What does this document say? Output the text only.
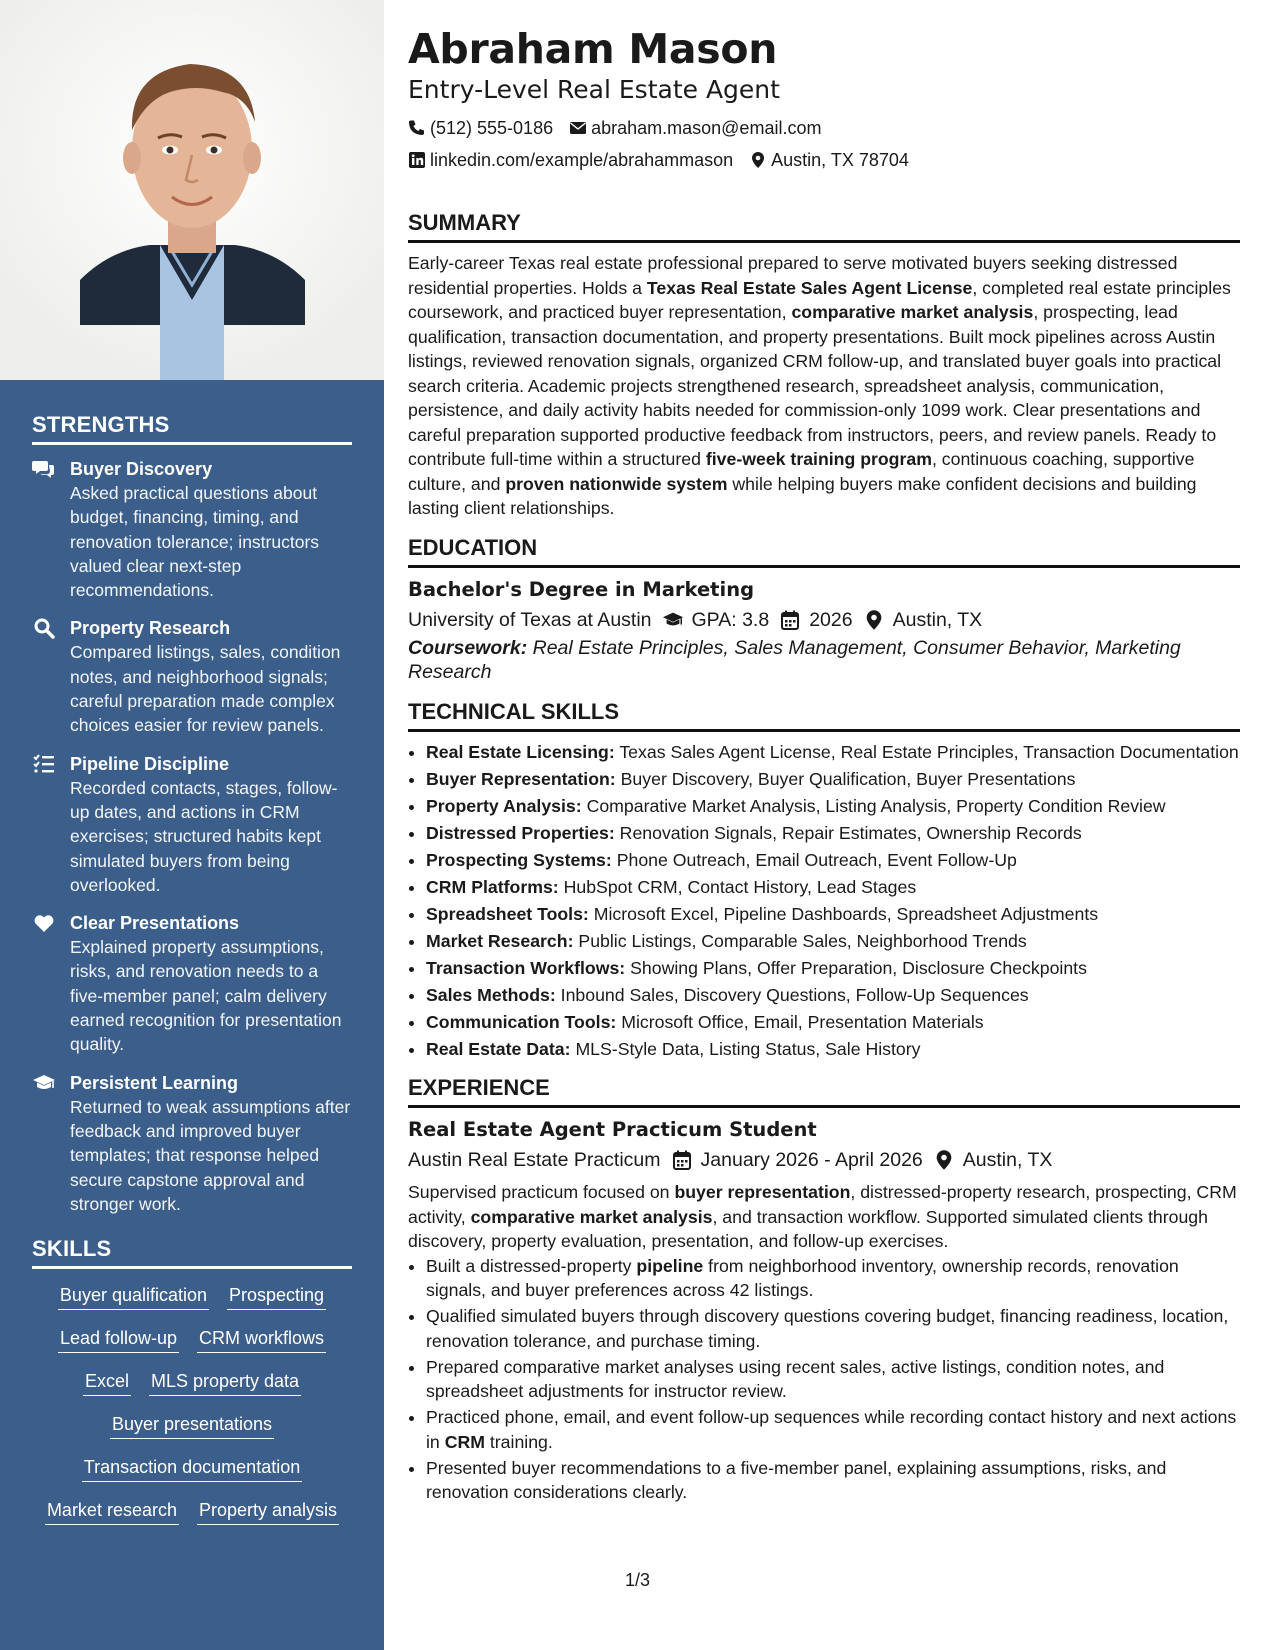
STRENGTHS
Buyer Discovery
Asked practical questions about budget, financing, timing, and renovation tolerance; instructors valued clear next-step recommendations.
Property Research
Compared listings, sales, condition notes, and neighborhood signals; careful preparation made complex choices easier for review panels.
Pipeline Discipline
Recorded contacts, stages, follow-up dates, and actions in CRM exercises; structured habits kept simulated buyers from being overlooked.
Clear Presentations
Explained property assumptions, risks, and renovation needs to a five-member panel; calm delivery earned recognition for presentation quality.
Persistent Learning
Returned to weak assumptions after feedback and improved buyer templates; that response helped secure capstone approval and stronger work.
SKILLS
Buyer qualification Prospecting
Lead follow-up CRM workflows
Excel MLS property data
Buyer presentations
Transaction documentation
Market research Property analysis
Abraham Mason
Entry-Level Real Estate Agent
(512) 555-0186 abraham.mason@email.com
linkedin.com/example/abrahammason Austin, TX 78704
SUMMARY

Early-career Texas real estate professional prepared to serve motivated buyers seeking distressed residential properties. Holds a Texas Real Estate Sales Agent License, completed real estate principles coursework, and practiced buyer representation, comparative market analysis, prospecting, lead qualification, transaction documentation, and property presentations. Built mock pipelines across Austin listings, reviewed renovation signals, organized CRM follow-up, and translated buyer goals into practical search criteria. Academic projects strengthened research, spreadsheet analysis, communication, persistence, and daily activity habits needed for commission-only 1099 work. Clear presentations and careful preparation supported productive feedback from instructors, peers, and review panels. Ready to contribute full-time within a structured five-week training program, continuous coaching, supportive culture, and proven nationwide system while helping buyers make confident decisions and building lasting client relationships.

EDUCATION
Bachelor's Degree in Marketing
University of Texas at Austin GPA: 3.8 2026 Austin, TX
Coursework: Real Estate Principles, Sales Management, Consumer Behavior, Marketing Research
TECHNICAL SKILLS
• Real Estate Licensing: Texas Sales Agent License, Real Estate Principles, Transaction Documentation
• Buyer Representation: Buyer Discovery, Buyer Qualification, Buyer Presentations
• Property Analysis: Comparative Market Analysis, Listing Analysis, Property Condition Review
• Distressed Properties: Renovation Signals, Repair Estimates, Ownership Records
• Prospecting Systems: Phone Outreach, Email Outreach, Event Follow-Up
• CRM Platforms: HubSpot CRM, Contact History, Lead Stages
• Spreadsheet Tools: Microsoft Excel, Pipeline Dashboards, Spreadsheet Adjustments
• Market Research: Public Listings, Comparable Sales, Neighborhood Trends
• Transaction Workflows: Showing Plans, Offer Preparation, Disclosure Checkpoints
• Sales Methods: Inbound Sales, Discovery Questions, Follow-Up Sequences
• Communication Tools: Microsoft Office, Email, Presentation Materials
• Real Estate Data: MLS-Style Data, Listing Status, Sale History
EXPERIENCE
Real Estate Agent Practicum Student
Austin Real Estate Practicum January 2026 - April 2026 Austin, TX

Supervised practicum focused on buyer representation, distressed-property research, prospecting, CRM activity, comparative market analysis, and transaction workflow. Supported simulated clients through discovery, property evaluation, presentation, and follow-up exercises.

• Built a distressed-property pipeline from neighborhood inventory, ownership records, renovation signals, and buyer preferences across 42 listings.
• Qualified simulated buyers through discovery questions covering budget, financing readiness, location, renovation tolerance, and purchase timing.
• Prepared comparative market analyses using recent sales, active listings, condition notes, and spreadsheet adjustments for instructor review.
• Practiced phone, email, and event follow-up sequences while recording contact history and next actions in CRM training.
• Presented buyer recommendations to a five-member panel, explaining assumptions, risks, and renovation considerations clearly.
1/3
